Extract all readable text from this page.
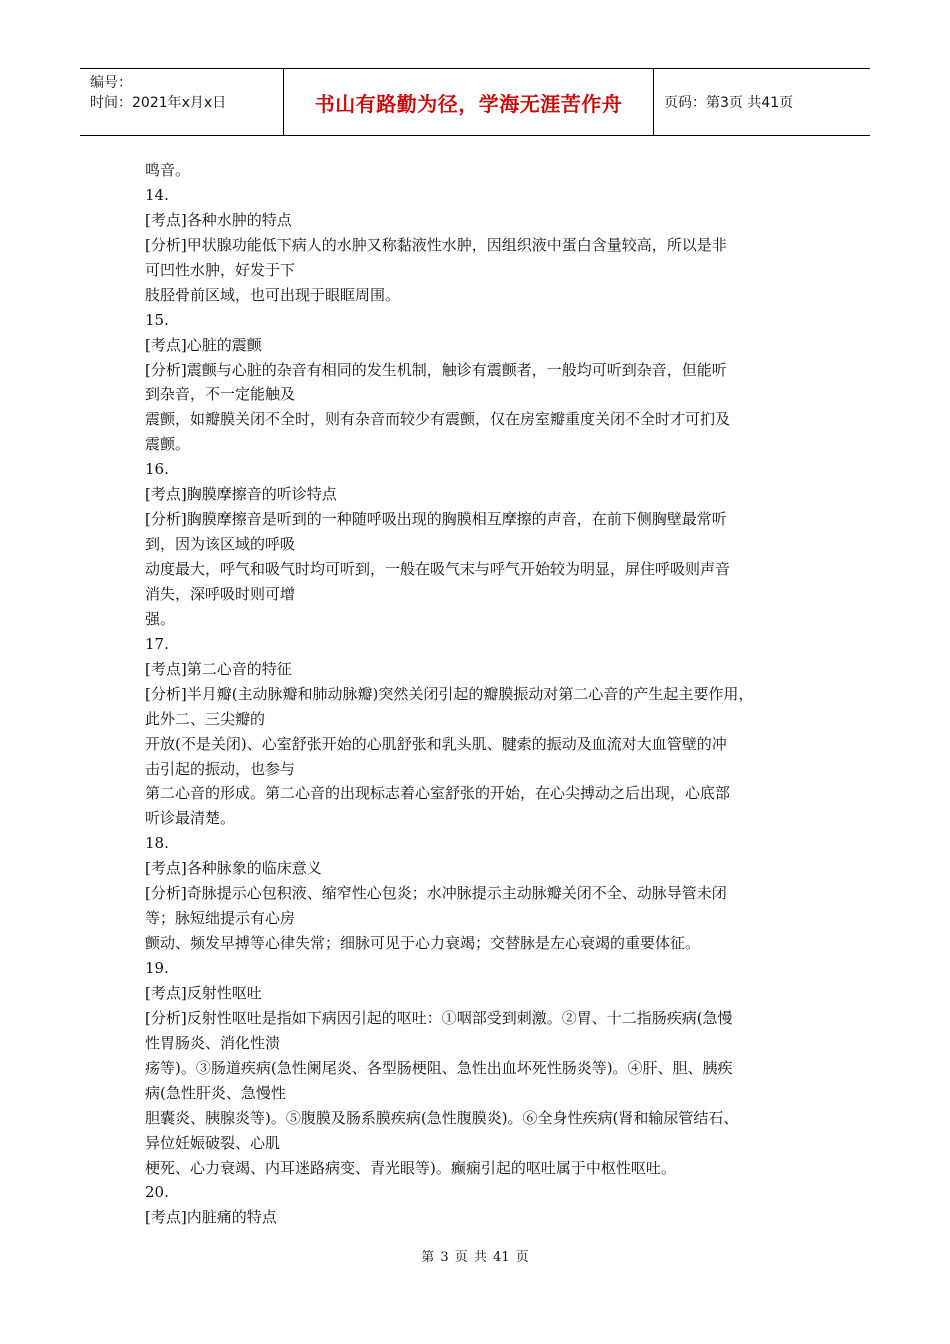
编号：
时间：2021年x月x日	书山有路勤为径，学海无涯苦作舟	页码：第3页 共41页
鸣音。
14.
[考点]各种水肿的特点
[分析]甲状腺功能低下病人的水肿又称黏液性水肿，因组织液中蛋白含量较高，所以是非
可凹性水肿，好发于下
肢胫骨前区域，也可出现于眼眶周围。
15.
[考点]心脏的震颤
[分析]震颤与心脏的杂音有相同的发生机制，触诊有震颤者，一般均可听到杂音，但能听
到杂音，不一定能触及
震颤，如瓣膜关闭不全时，则有杂音而较少有震颤，仅在房室瓣重度关闭不全时才可扪及
震颤。
16.
[考点]胸膜摩擦音的听诊特点
[分析]胸膜摩擦音是听到的一种随呼吸出现的胸膜相互摩擦的声音，在前下侧胸壁最常听
到，因为该区域的呼吸
动度最大，呼气和吸气时均可听到，一般在吸气末与呼气开始较为明显，屏住呼吸则声音
消失，深呼吸时则可增
强。
17.
[考点]第二心音的特征
[分析]半月瓣(主动脉瓣和肺动脉瓣)突然关闭引起的瓣膜振动对第二心音的产生起主要作用，
此外二、三尖瓣的
开放(不是关闭)、心室舒张开始的心肌舒张和乳头肌、腱索的振动及血流对大血管壁的冲
击引起的振动，也参与
第二心音的形成。第二心音的出现标志着心室舒张的开始，在心尖搏动之后出现，心底部
听诊最清楚。
18.
[考点]各种脉象的临床意义
[分析]奇脉提示心包积液、缩窄性心包炎；水冲脉提示主动脉瓣关闭不全、动脉导管未闭
等；脉短绌提示有心房
颤动、频发早搏等心律失常；细脉可见于心力衰竭；交替脉是左心衰竭的重要体征。
19.
[考点]反射性呕吐
[分析]反射性呕吐是指如下病因引起的呕吐：①咽部受到刺激。②胃、十二指肠疾病(急慢
性胃肠炎、消化性溃
疡等)。③肠道疾病(急性阑尾炎、各型肠梗阻、急性出血坏死性肠炎等)。④肝、胆、胰疾
病(急性肝炎、急慢性
胆囊炎、胰腺炎等)。⑤腹膜及肠系膜疾病(急性腹膜炎)。⑥全身性疾病(肾和输尿管结石、
异位妊娠破裂、心肌
梗死、心力衰竭、内耳迷路病变、青光眼等)。癫痫引起的呕吐属于中枢性呕吐。
20.
[考点]内脏痛的特点
第 3 页 共 41 页
